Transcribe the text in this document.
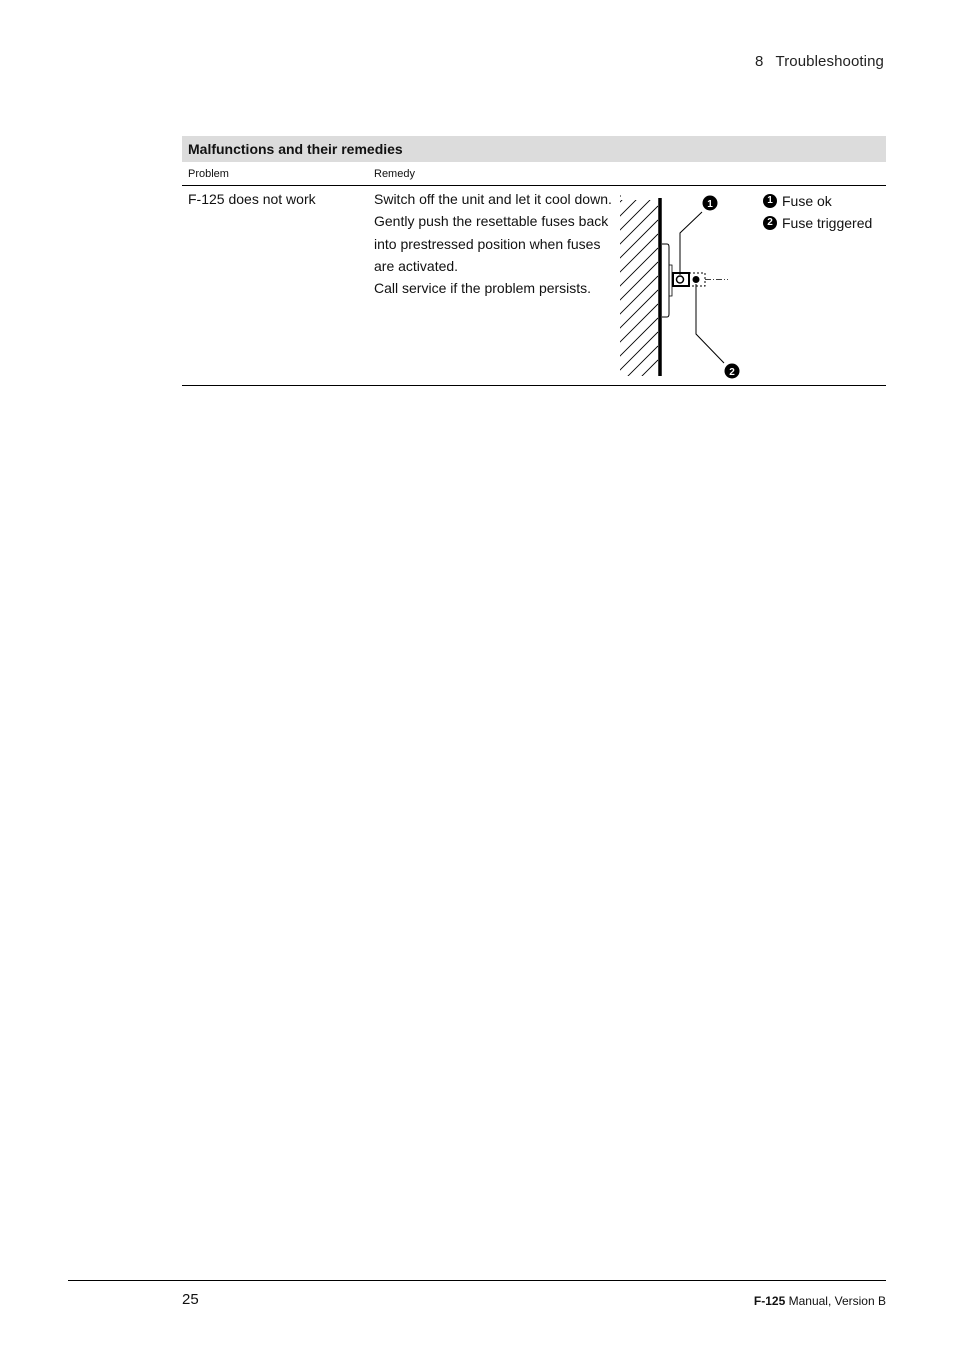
8 Troubleshooting
Malfunctions and their remedies
Problem	Remedy
F-125 does not work	Switch off the unit and let it cool down.
Gently push the resettable fuses back
into prestressed position when fuses
are activated.
Call service if the problem persists.
1
2
1 Fuse ok
2 Fuse triggered
25	F-125 Manual, Version B
